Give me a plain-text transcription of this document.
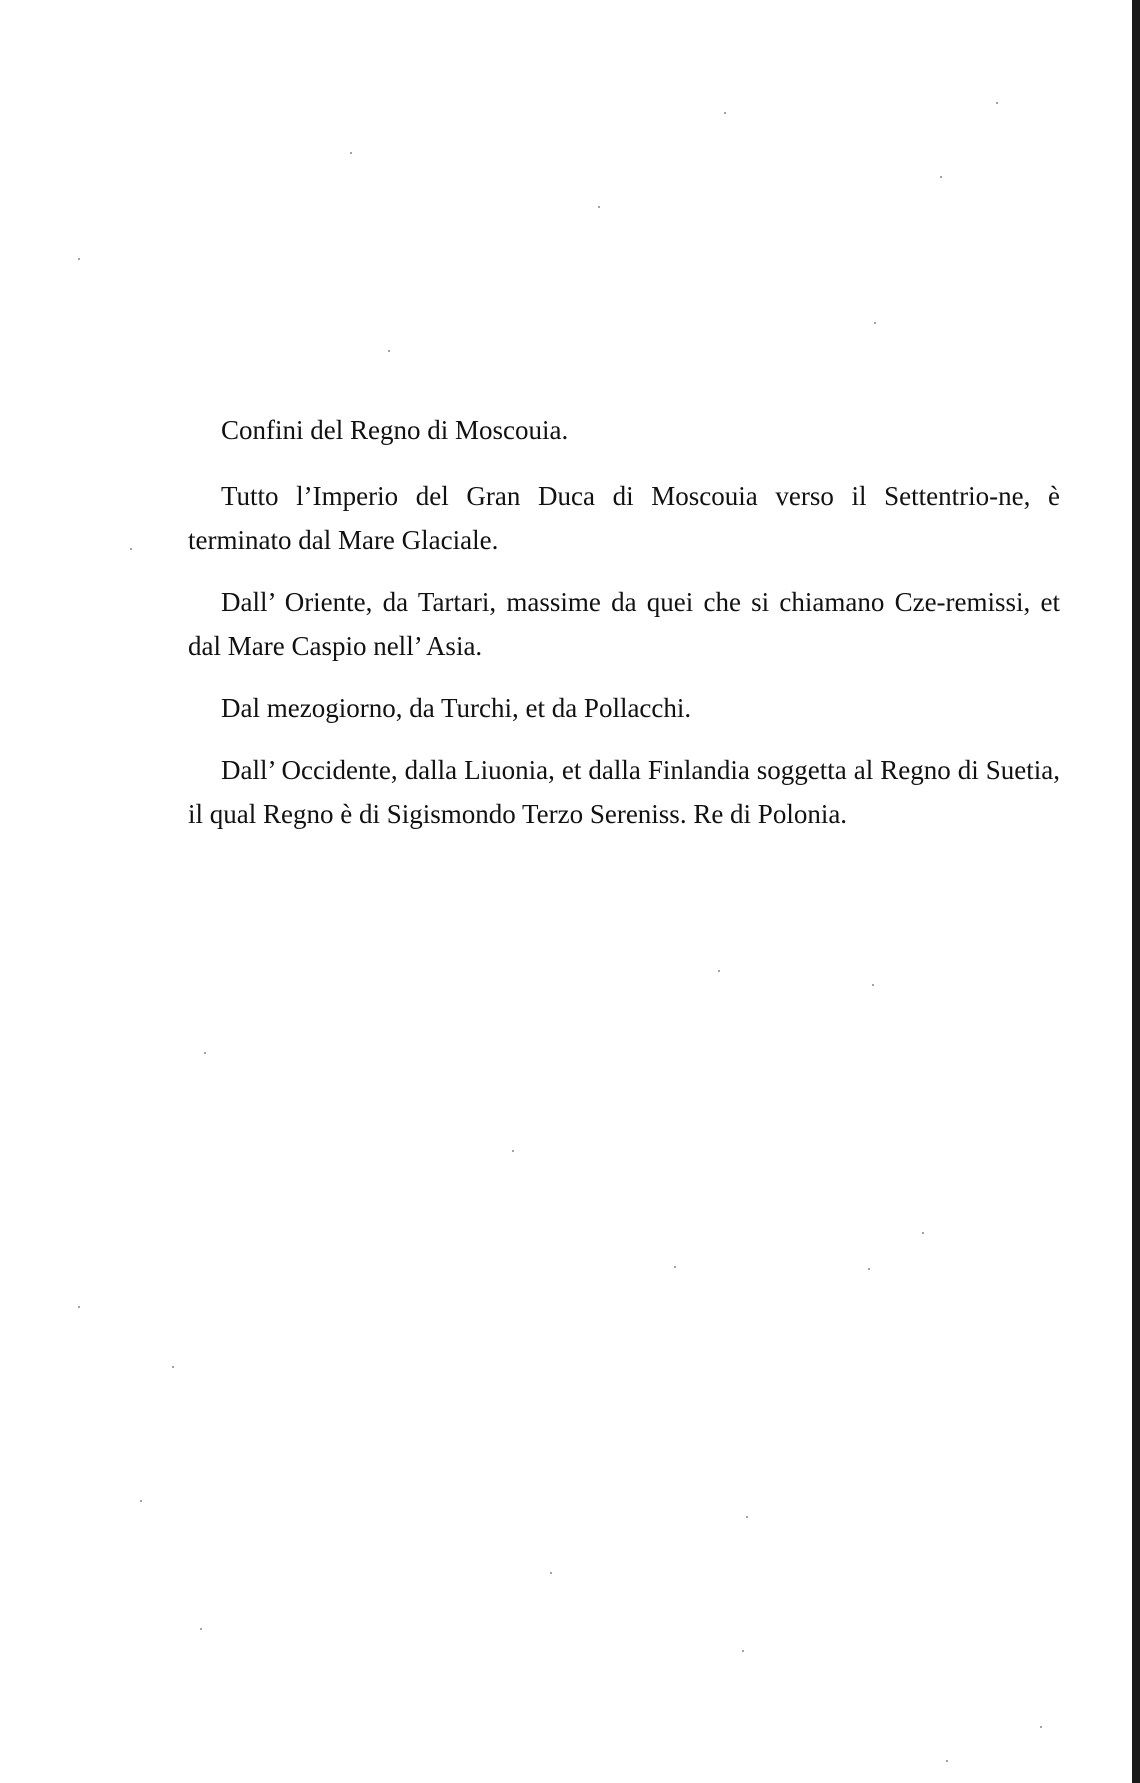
Confini del Regno di Moscouia.

Tutto l’Imperio del Gran Duca di Moscouia verso il Settentrio-ne, è terminato dal Mare Glaciale.

Dall’ Oriente, da Tartari, massime da quei che si chiamano Cze-remissi, et dal Mare Caspio nell’ Asia.

Dal mezogiorno, da Turchi, et da Pollacchi.

Dall’ Occidente, dalla Liuonia, et dalla Finlandia soggetta al Regno di Suetia, il qual Regno è di Sigismondo Terzo Sereniss. Re di Polonia.
